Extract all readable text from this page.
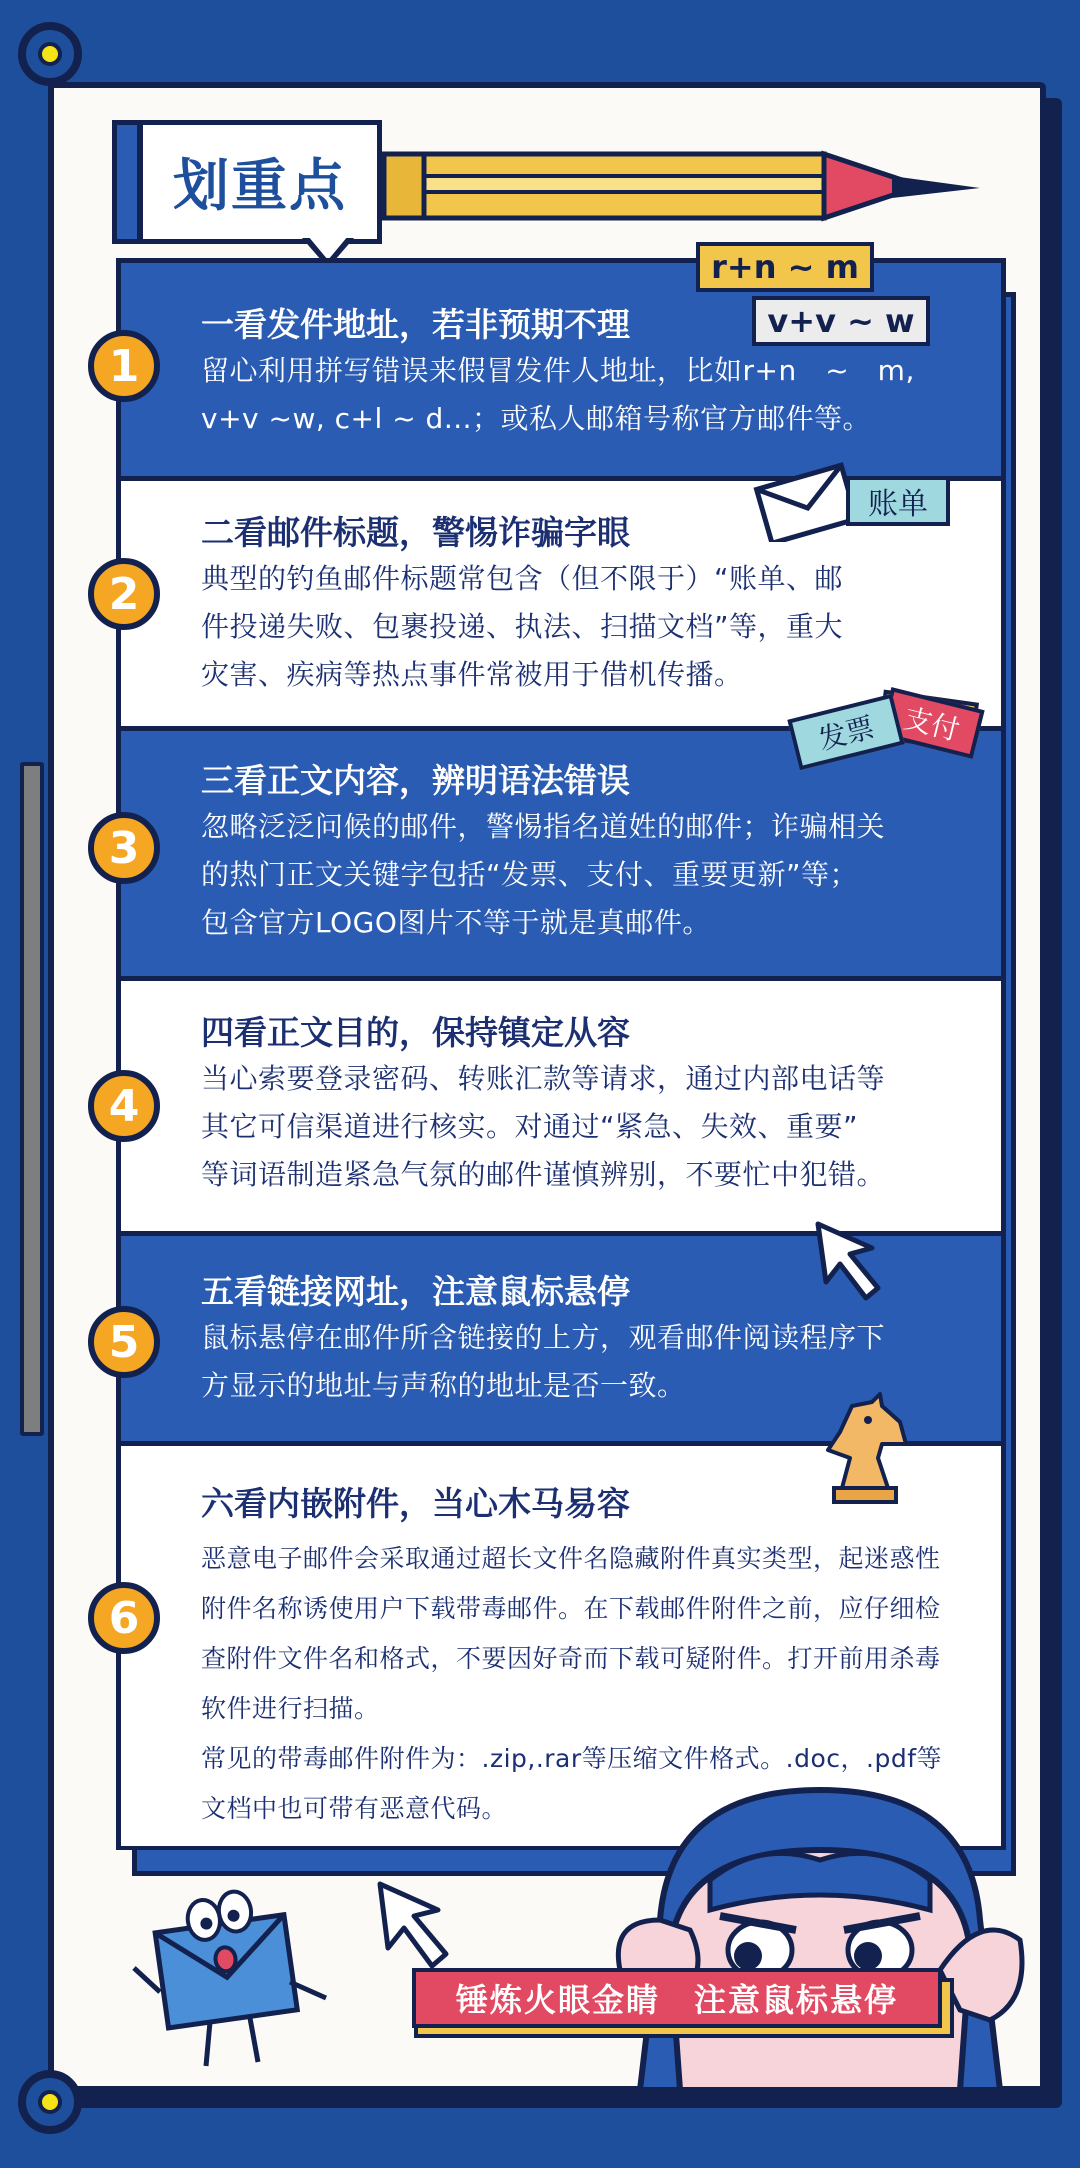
划重点

一看发件地址，若非预期不理

留心利用拼写错误来假冒发件人地址，比如r+n　~　m,

v+v ~w, c+l ~ d...；或私人邮箱号称官方邮件等。

二看邮件标题，警惕诈骗字眼

典型的钓鱼邮件标题常包含（但不限于）“账单、邮

件投递失败、包裹投递、执法、扫描文档”等，重大

灾害、疾病等热点事件常被用于借机传播。

三看正文内容，辨明语法错误

忽略泛泛问候的邮件，警惕指名道姓的邮件；诈骗相关

的热门正文关键字包括“发票、支付、重要更新”等；

包含官方LOGO图片不等于就是真邮件。

四看正文目的，保持镇定从容

当心索要登录密码、转账汇款等请求，通过内部电话等

其它可信渠道进行核实。对通过“紧急、失效、重要”

等词语制造紧急气氛的邮件谨慎辨别，不要忙中犯错。

五看链接网址，注意鼠标悬停

鼠标悬停在邮件所含链接的上方，观看邮件阅读程序下

方显示的地址与声称的地址是否一致。

六看内嵌附件，当心木马易容

恶意电子邮件会采取通过超长文件名隐藏附件真实类型，起迷惑性

附件名称诱使用户下载带毒邮件。在下载邮件附件之前，应仔细检

查附件文件名和格式，不要因好奇而下载可疑附件。打开前用杀毒

软件进行扫描。

常见的带毒邮件附件为：.zip,.rar等压缩文件格式。.doc，.pdf等

文档中也可带有恶意代码。

1
2
3
4
5
6
r+n ~ m
v+v ~ w
账单
支付
发票
锤炼火眼金睛　注意鼠标悬停
